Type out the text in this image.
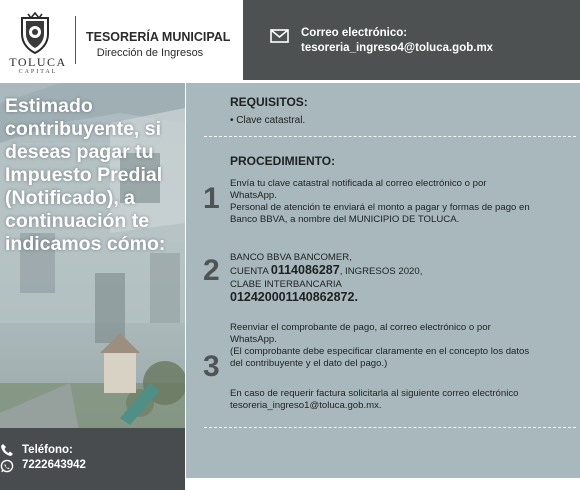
TOLUCA
CAPITAL
TESORERÍA MUNICIPAL
Dirección de Ingresos
Correo electrónico:
tesoreria_ingreso4@toluca.gob.mx
Estimado contribuyente, si deseas pagar tu Impuesto Predial (Notificado), a continuación te indicamos cómo:
Teléfono:
7222643942
REQUISITOS:
• Clave catastral.
PROCEDIMIENTO:
1 Envía tu clave catastral notificada al correo electrónico o por
WhatsApp.
Personal de atención te enviará el monto a pagar y formas de pago en
Banco BBVA, a nombre del MUNICIPIO DE TOLUCA.
2 BANCO BBVA BANCOMER,
CUENTA 0114086287, INGRESOS 2020,
CLABE INTERBANCARIA
012420001140862872.
3
Reenviar el comprobante de pago, al correo electrónico o por
WhatsApp.
(El comprobante debe especificar claramente en el concepto los datos
del contribuyente y el dato del pago.)
En caso de requerir factura solicitarla al siguiente correo electrónico
tesoreria_ingreso1@toluca.gob.mx.
